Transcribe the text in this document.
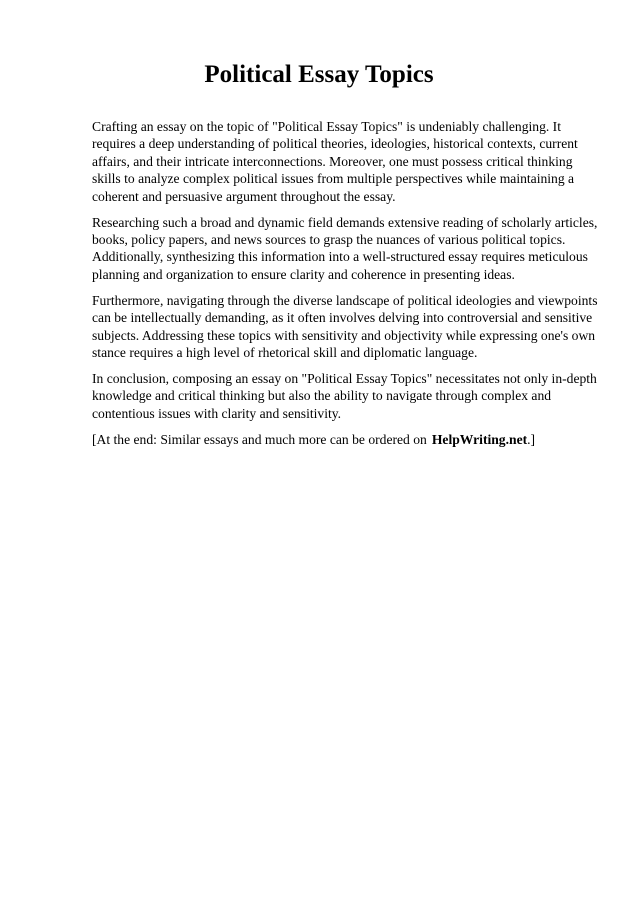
Political Essay Topics

Crafting an essay on the topic of "Political Essay Topics" is undeniably challenging. It requires a deep understanding of political theories, ideologies, historical contexts, current affairs, and their intricate interconnections. Moreover, one must possess critical thinking skills to analyze complex political issues from multiple perspectives while maintaining a coherent and persuasive argument throughout the essay.

Researching such a broad and dynamic field demands extensive reading of scholarly articles, books, policy papers, and news sources to grasp the nuances of various political topics. Additionally, synthesizing this information into a well-structured essay requires meticulous planning and organization to ensure clarity and coherence in presenting ideas.

Furthermore, navigating through the diverse landscape of political ideologies and viewpoints can be intellectually demanding, as it often involves delving into controversial and sensitive subjects. Addressing these topics with sensitivity and objectivity while expressing one's own stance requires a high level of rhetorical skill and diplomatic language.

In conclusion, composing an essay on "Political Essay Topics" necessitates not only in-depth knowledge and critical thinking but also the ability to navigate through complex and contentious issues with clarity and sensitivity.

[At the end: Similar essays and much more can be ordered on HelpWriting.net.]
